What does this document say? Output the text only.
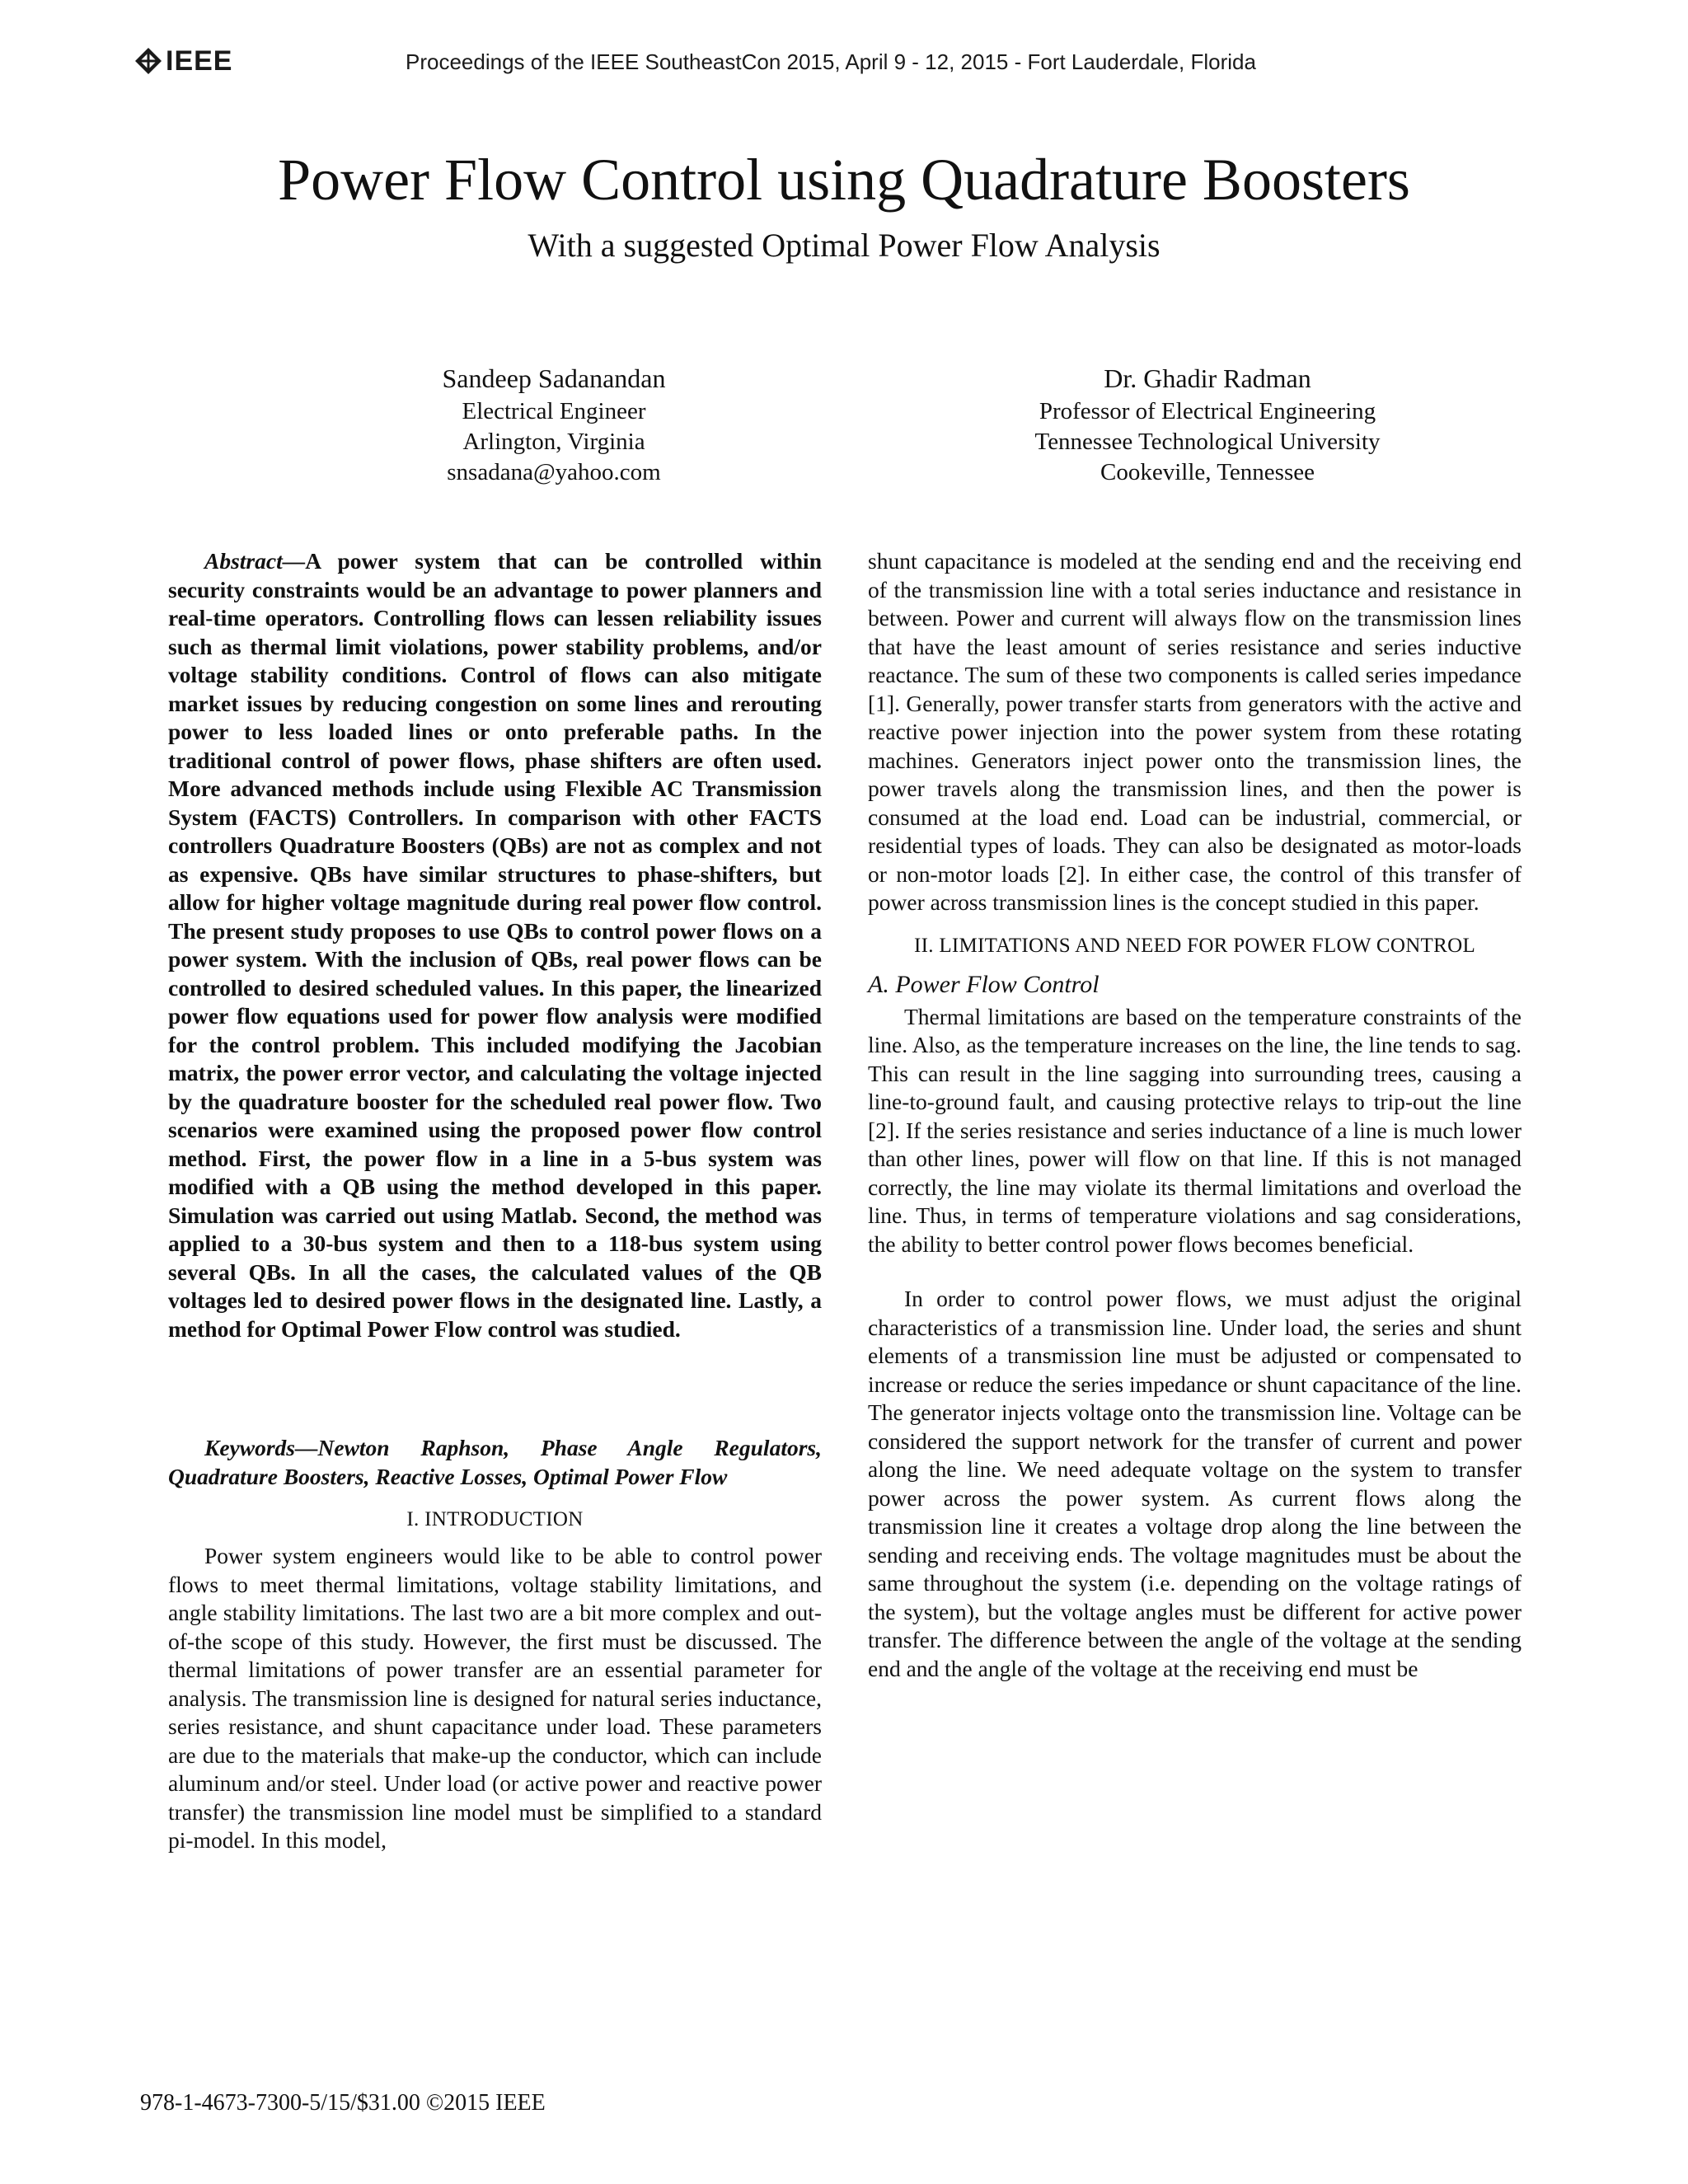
IEEE	Proceedings of the IEEE SoutheastCon 2015, April 9 - 12, 2015 - Fort Lauderdale, Florida
Power Flow Control using Quadrature Boosters
With a suggested Optimal Power Flow Analysis
Sandeep Sadanandan
Electrical Engineer
Arlington, Virginia
snsadana@yahoo.com
Dr. Ghadir Radman
Professor of Electrical Engineering
Tennessee Technological University
Cookeville, Tennessee

Abstract—A power system that can be controlled within security constraints would be an advantage to power planners and real-time operators. Controlling flows can lessen reliability issues such as thermal limit violations, power stability problems, and/or voltage stability conditions. Control of flows can also mitigate market issues by reducing congestion on some lines and rerouting power to less loaded lines or onto preferable paths. In the traditional control of power flows, phase shifters are often used. More advanced methods include using Flexible AC Transmission System (FACTS) Controllers. In comparison with other FACTS controllers Quadrature Boosters (QBs) are not as complex and not as expensive. QBs have similar structures to phase-shifters, but allow for higher voltage magnitude during real power flow control. The present study proposes to use QBs to control power flows on a power system. With the inclusion of QBs, real power flows can be controlled to desired scheduled values. In this paper, the linearized power flow equations used for power flow analysis were modified for the control problem. This included modifying the Jacobian matrix, the power error vector, and calculating the voltage injected by the quadrature booster for the scheduled real power flow. Two scenarios were examined using the proposed power flow control method. First, the power flow in a line in a 5-bus system was modified with a QB using the method developed in this paper. Simulation was carried out using Matlab. Second, the method was applied to a 30-bus system and then to a 118-bus system using several QBs. In all the cases, the calculated values of the QB voltages led to desired power flows in the designated line. Lastly, a method for Optimal Power Flow control was studied.

Keywords—Newton Raphson, Phase Angle Regulators, Quadrature Boosters, Reactive Losses, Optimal Power Flow

I. INTRODUCTION

Power system engineers would like to be able to control power flows to meet thermal limitations, voltage stability limitations, and angle stability limitations. The last two are a bit more complex and out-of-the scope of this study. However, the first must be discussed. The thermal limitations of power transfer are an essential parameter for analysis. The transmission line is designed for natural series inductance, series resistance, and shunt capacitance under load. These parameters are due to the materials that make-up the conductor, which can include aluminum and/or steel. Under load (or active power and reactive power transfer) the transmission line model must be simplified to a standard pi-model. In this model,

shunt capacitance is modeled at the sending end and the receiving end of the transmission line with a total series inductance and resistance in between. Power and current will always flow on the transmission lines that have the least amount of series resistance and series inductive reactance. The sum of these two components is called series impedance [1]. Generally, power transfer starts from generators with the active and reactive power injection into the power system from these rotating machines. Generators inject power onto the transmission lines, the power travels along the transmission lines, and then the power is consumed at the load end. Load can be industrial, commercial, or residential types of loads. They can also be designated as motor-loads or non-motor loads [2]. In either case, the control of this transfer of power across transmission lines is the concept studied in this paper.

II. LIMITATIONS AND NEED FOR POWER FLOW CONTROL

A. Power Flow Control

Thermal limitations are based on the temperature constraints of the line. Also, as the temperature increases on the line, the line tends to sag. This can result in the line sagging into surrounding trees, causing a line-to-ground fault, and causing protective relays to trip-out the line [2]. If the series resistance and series inductance of a line is much lower than other lines, power will flow on that line. If this is not managed correctly, the line may violate its thermal limitations and overload the line. Thus, in terms of temperature violations and sag considerations, the ability to better control power flows becomes beneficial.

In order to control power flows, we must adjust the original characteristics of a transmission line. Under load, the series and shunt elements of a transmission line must be adjusted or compensated to increase or reduce the series impedance or shunt capacitance of the line. The generator injects voltage onto the transmission line. Voltage can be considered the support network for the transfer of current and power along the line. We need adequate voltage on the system to transfer power across the power system. As current flows along the transmission line it creates a voltage drop along the line between the sending and receiving ends. The voltage magnitudes must be about the same throughout the system (i.e. depending on the voltage ratings of the system), but the voltage angles must be different for active power transfer. The difference between the angle of the voltage at the sending end and the angle of the voltage at the receiving end must be

978-1-4673-7300-5/15/$31.00 ©2015 IEEE
